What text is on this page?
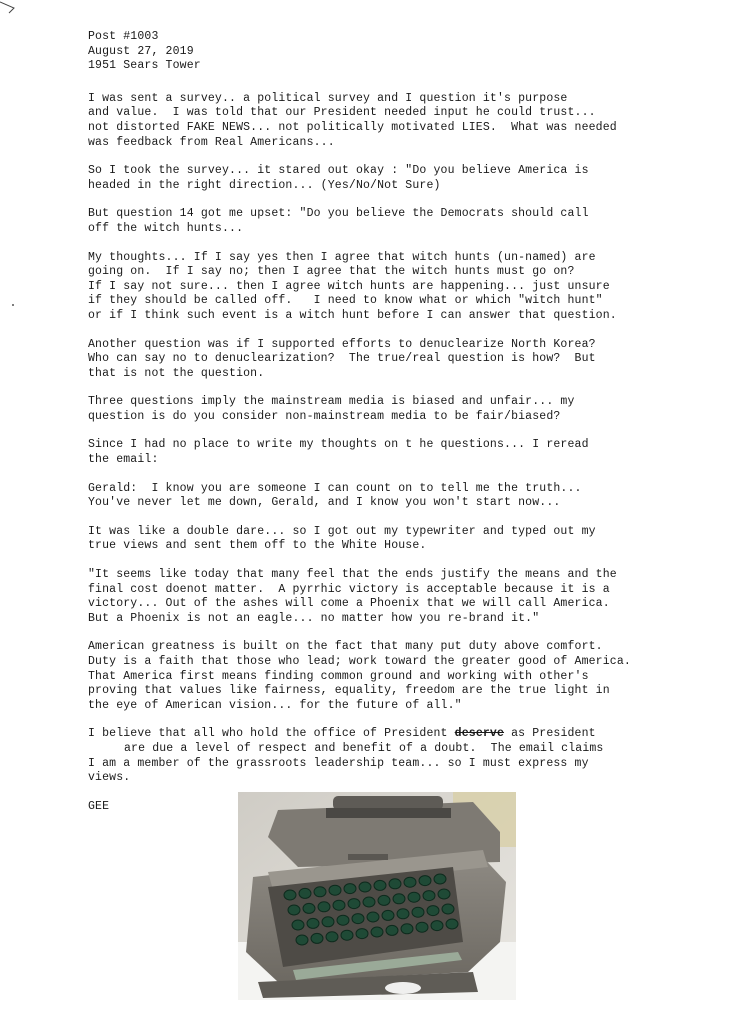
Post #1003
August 27, 2019
1951 Sears Tower
I was sent a survey.. a political survey and I question it's purpose
and value.  I was told that our President needed input he could trust...
not distorted FAKE NEWS... not politically motivated LIES.  What was needed
was feedback from Real Americans...
So I took the survey... it stared out okay : "Do you believe America is
headed in the right direction... (Yes/No/Not Sure)
But question 14 got me upset: "Do you believe the Democrats should call
off the witch hunts...
My thoughts... If I say yes then I agree that witch hunts (un-named) are
going on.  If I say no; then I agree that the witch hunts must go on?
If I say not sure... then I agree witch hunts are happening... just unsure
if they should be called off.   I need to know what or which "witch hunt"
or if I think such event is a witch hunt before I can answer that question.
Another question was if I supported efforts to denuclearize North Korea?
Who can say no to denuclearization?  The true/real question is how?  But
that is not the question.
Three questions imply the mainstream media is biased and unfair... my
question is do you consider non-mainstream media to be fair/biased?
Since I had no place to write my thoughts on t he questions... I reread
the email:
Gerald:  I know you are someone I can count on to tell me the truth...
You've never let me down, Gerald, and I know you won't start now...
It was like a double dare... so I got out my typewriter and typed out my
true views and sent them off to the White House.
"It seems like today that many feel that the ends justify the means and the
final cost doenot matter.  A pyrrhic victory is acceptable because it is a
victory... Out of the ashes will come a Phoenix that we will call America.
But a Phoenix is not an eagle... no matter how you re-brand it."
American greatness is built on the fact that many put duty above comfort.
Duty is a faith that those who lead; work toward the greater good of America.
That America first means finding common ground and working with other's
proving that values like fairness, equality, freedom are the true light in
the eye of American vision... for the future of all."
I believe that all who hold the office of President deserve as President
are due a level of respect and benefit of a doubt.  The email claims
I am a member of the grassroots leadership team... so I must express my
views.
GEE
